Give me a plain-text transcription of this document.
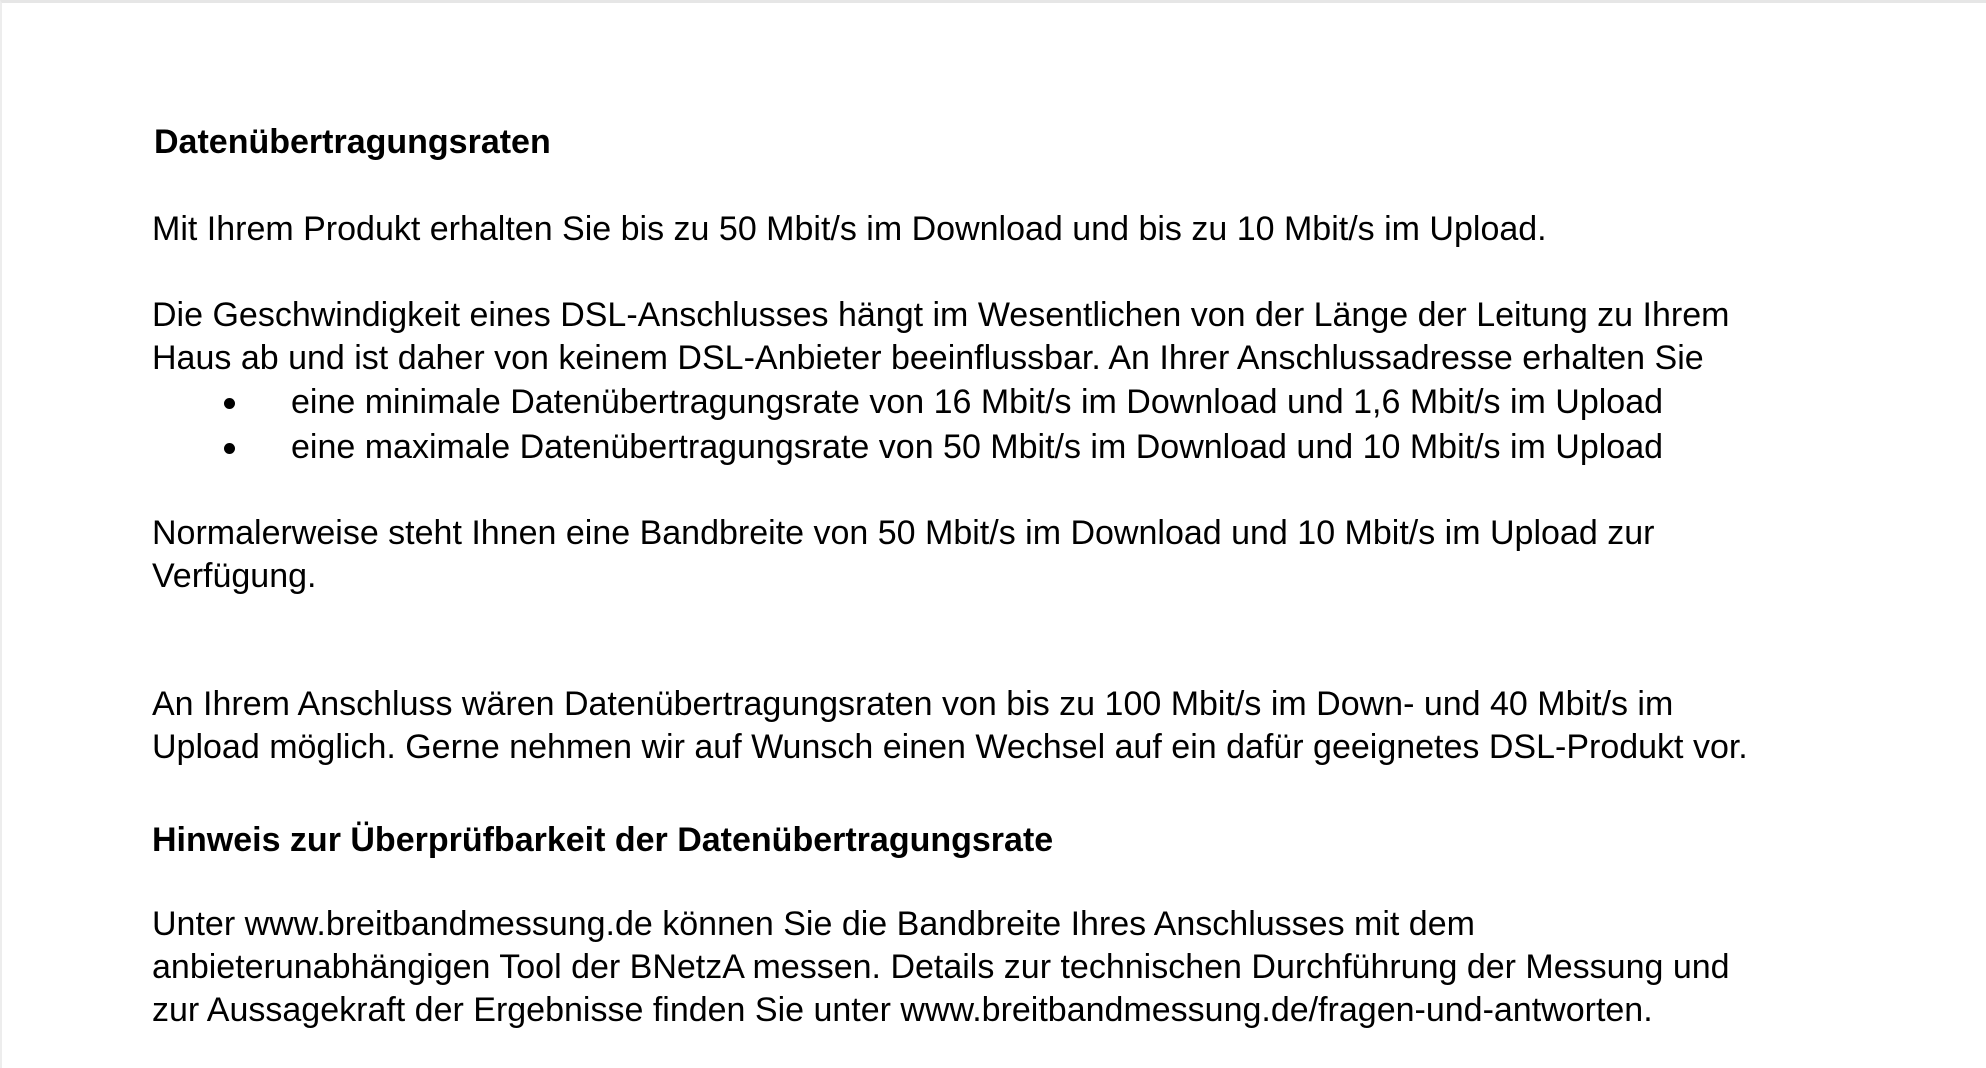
Datenübertragungsraten
Mit Ihrem Produkt erhalten Sie bis zu 50 Mbit/s im Download und bis zu 10 Mbit/s im Upload.
Die Geschwindigkeit eines DSL-Anschlusses hängt im Wesentlichen von der Länge der Leitung zu Ihrem
Haus ab und ist daher von keinem DSL-Anbieter beeinflussbar. An Ihrer Anschlussadresse erhalten Sie
eine minimale Datenübertragungsrate von 16 Mbit/s im Download und 1,6 Mbit/s im Upload
eine maximale Datenübertragungsrate von 50 Mbit/s im Download und 10 Mbit/s im Upload
Normalerweise steht Ihnen eine Bandbreite von 50 Mbit/s im Download und 10 Mbit/s im Upload zur
Verfügung.
An Ihrem Anschluss wären Datenübertragungsraten von bis zu 100 Mbit/s im Down- und 40 Mbit/s im
Upload möglich. Gerne nehmen wir auf Wunsch einen Wechsel auf ein dafür geeignetes DSL-Produkt vor.
Hinweis zur Überprüfbarkeit der Datenübertragungsrate
Unter www.breitbandmessung.de können Sie die Bandbreite Ihres Anschlusses mit dem
anbieterunabhängigen Tool der BNetzA messen. Details zur technischen Durchführung der Messung und
zur Aussagekraft der Ergebnisse finden Sie unter www.breitbandmessung.de/fragen-und-antworten.
